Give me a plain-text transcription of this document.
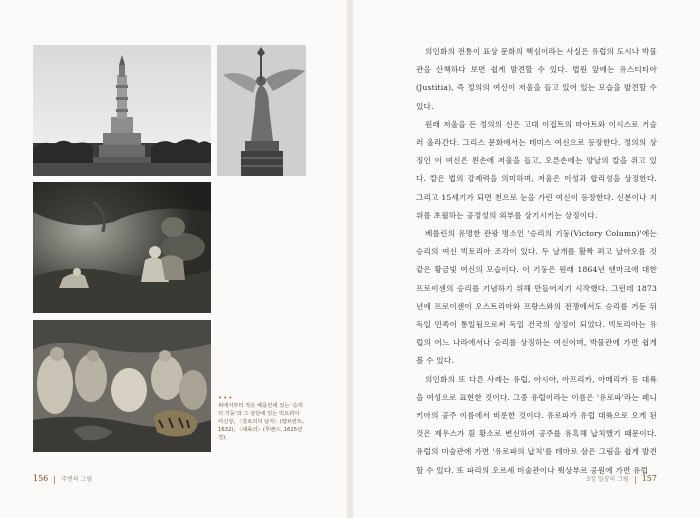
•••
위에서부터 작은 베를린에 있는 '승리의 기둥'과 그 상단에 있는 빅토리아 여신상, 〈강로의의 남자〉(렘브란트, 1632), 〈대륙의〉(루벤스, 1615년경).
156 주변의 그림

의인화의 전통이 표상 문화의 핵심이라는 사실은 유럽의 도시나 박물관을 산책하다 보면 쉽게 발견할 수 있다. 법원 앞에는 유스티티아(Justitia), 즉 정의의 여신이 저울을 들고 있어 있는 모습을 발견할 수 있다.

원래 저울을 든 정의의 신은 고대 이집트의 마아트와 이시스로 거슬러 올라간다. 그리스 문화에서는 테미스 여신으로 등장한다. 정의의 상징인 이 여신은 왼손에 저울을 들고, 오른손에는 양날의 칼을 쥐고 있다. 칼은 법의 강제력을 의미하며, 저울은 이성과 합리성을 상징한다. 그리고 15세기가 되면 천으로 눈을 가린 여신이 등장한다. 신분이나 지위를 초월하는 공정성의 외부를 상기시키는 상징이다.

베를린의 유명한 관광 명소인 '승리의 기둥(Victory Column)'에는 승리의 여신 빅토리아 조각이 있다. 두 날개를 활짝 펴고 날아오를 것 같은 황금빛 여신의 모습이다. 이 기둥은 원래 1864년 덴마크에 대한 프로이센의 승리를 기념하기 위해 만들어지기 시작했다. 그런데 1873년에 프로이센이 오스트리아와 프랑스와의 전쟁에서도 승리를 거둔 뒤 독일 민족이 통일됨으로써 독일 건국의 상징이 되었다. 빅토리아는 유럽의 어느 나라에서나 승리를 상징하는 여신이며, 박물관에 가면 쉽게 볼 수 있다.

의인화의 또 다른 사례는 유럽, 아시아, 아프리카, 아메리카 등 대륙을 여성으로 표현한 것이다. 그중 유럽이라는 이름은 '유로파'라는 페니키아의 공주 이름에서 비롯한 것이다. 유로파가 유럽 대륙으로 오게 된 것은 제우스가 흰 황소로 변신하여 공주를 유혹해 납치했기 때문이다. 유럽의 미술관에 가면 '유로파의 납치'를 테마로 삼은 그림을 쉽게 발견할 수 있다. 또 파리의 오르세 미술관이나 뤽상부르 공원에 가면 유럽

3장 일상의 그림 157
